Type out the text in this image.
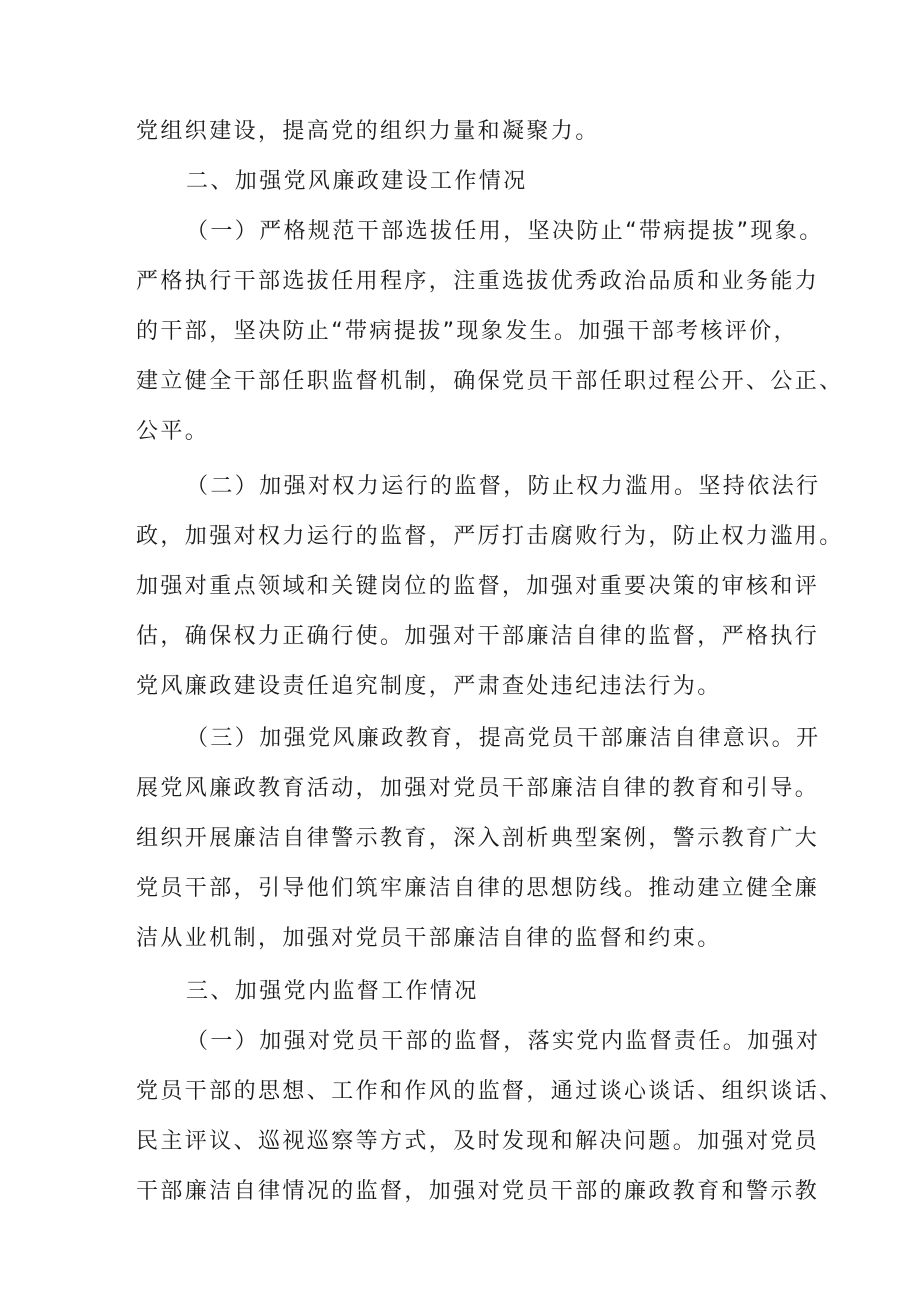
党组织建设，提高党的组织力量和凝聚力。
二、加强党风廉政建设工作情况
（一）严格规范干部选拔任用，坚决防止“带病提拔”现象。
严格执行干部选拔任用程序，注重选拔优秀政治品质和业务能力
的干部，坚决防止“带病提拔”现象发生。加强干部考核评价，
建立健全干部任职监督机制，确保党员干部任职过程公开、公正、
公平。
（二）加强对权力运行的监督，防止权力滥用。坚持依法行
政，加强对权力运行的监督，严厉打击腐败行为，防止权力滥用。
加强对重点领域和关键岗位的监督，加强对重要决策的审核和评
估，确保权力正确行使。加强对干部廉洁自律的监督，严格执行
党风廉政建设责任追究制度，严肃查处违纪违法行为。
（三）加强党风廉政教育，提高党员干部廉洁自律意识。开
展党风廉政教育活动，加强对党员干部廉洁自律的教育和引导。
组织开展廉洁自律警示教育，深入剖析典型案例，警示教育广大
党员干部，引导他们筑牢廉洁自律的思想防线。推动建立健全廉
洁从业机制，加强对党员干部廉洁自律的监督和约束。
三、加强党内监督工作情况
（一）加强对党员干部的监督，落实党内监督责任。加强对
党员干部的思想、工作和作风的监督，通过谈心谈话、组织谈话、
民主评议、巡视巡察等方式，及时发现和解决问题。加强对党员
干部廉洁自律情况的监督，加强对党员干部的廉政教育和警示教
